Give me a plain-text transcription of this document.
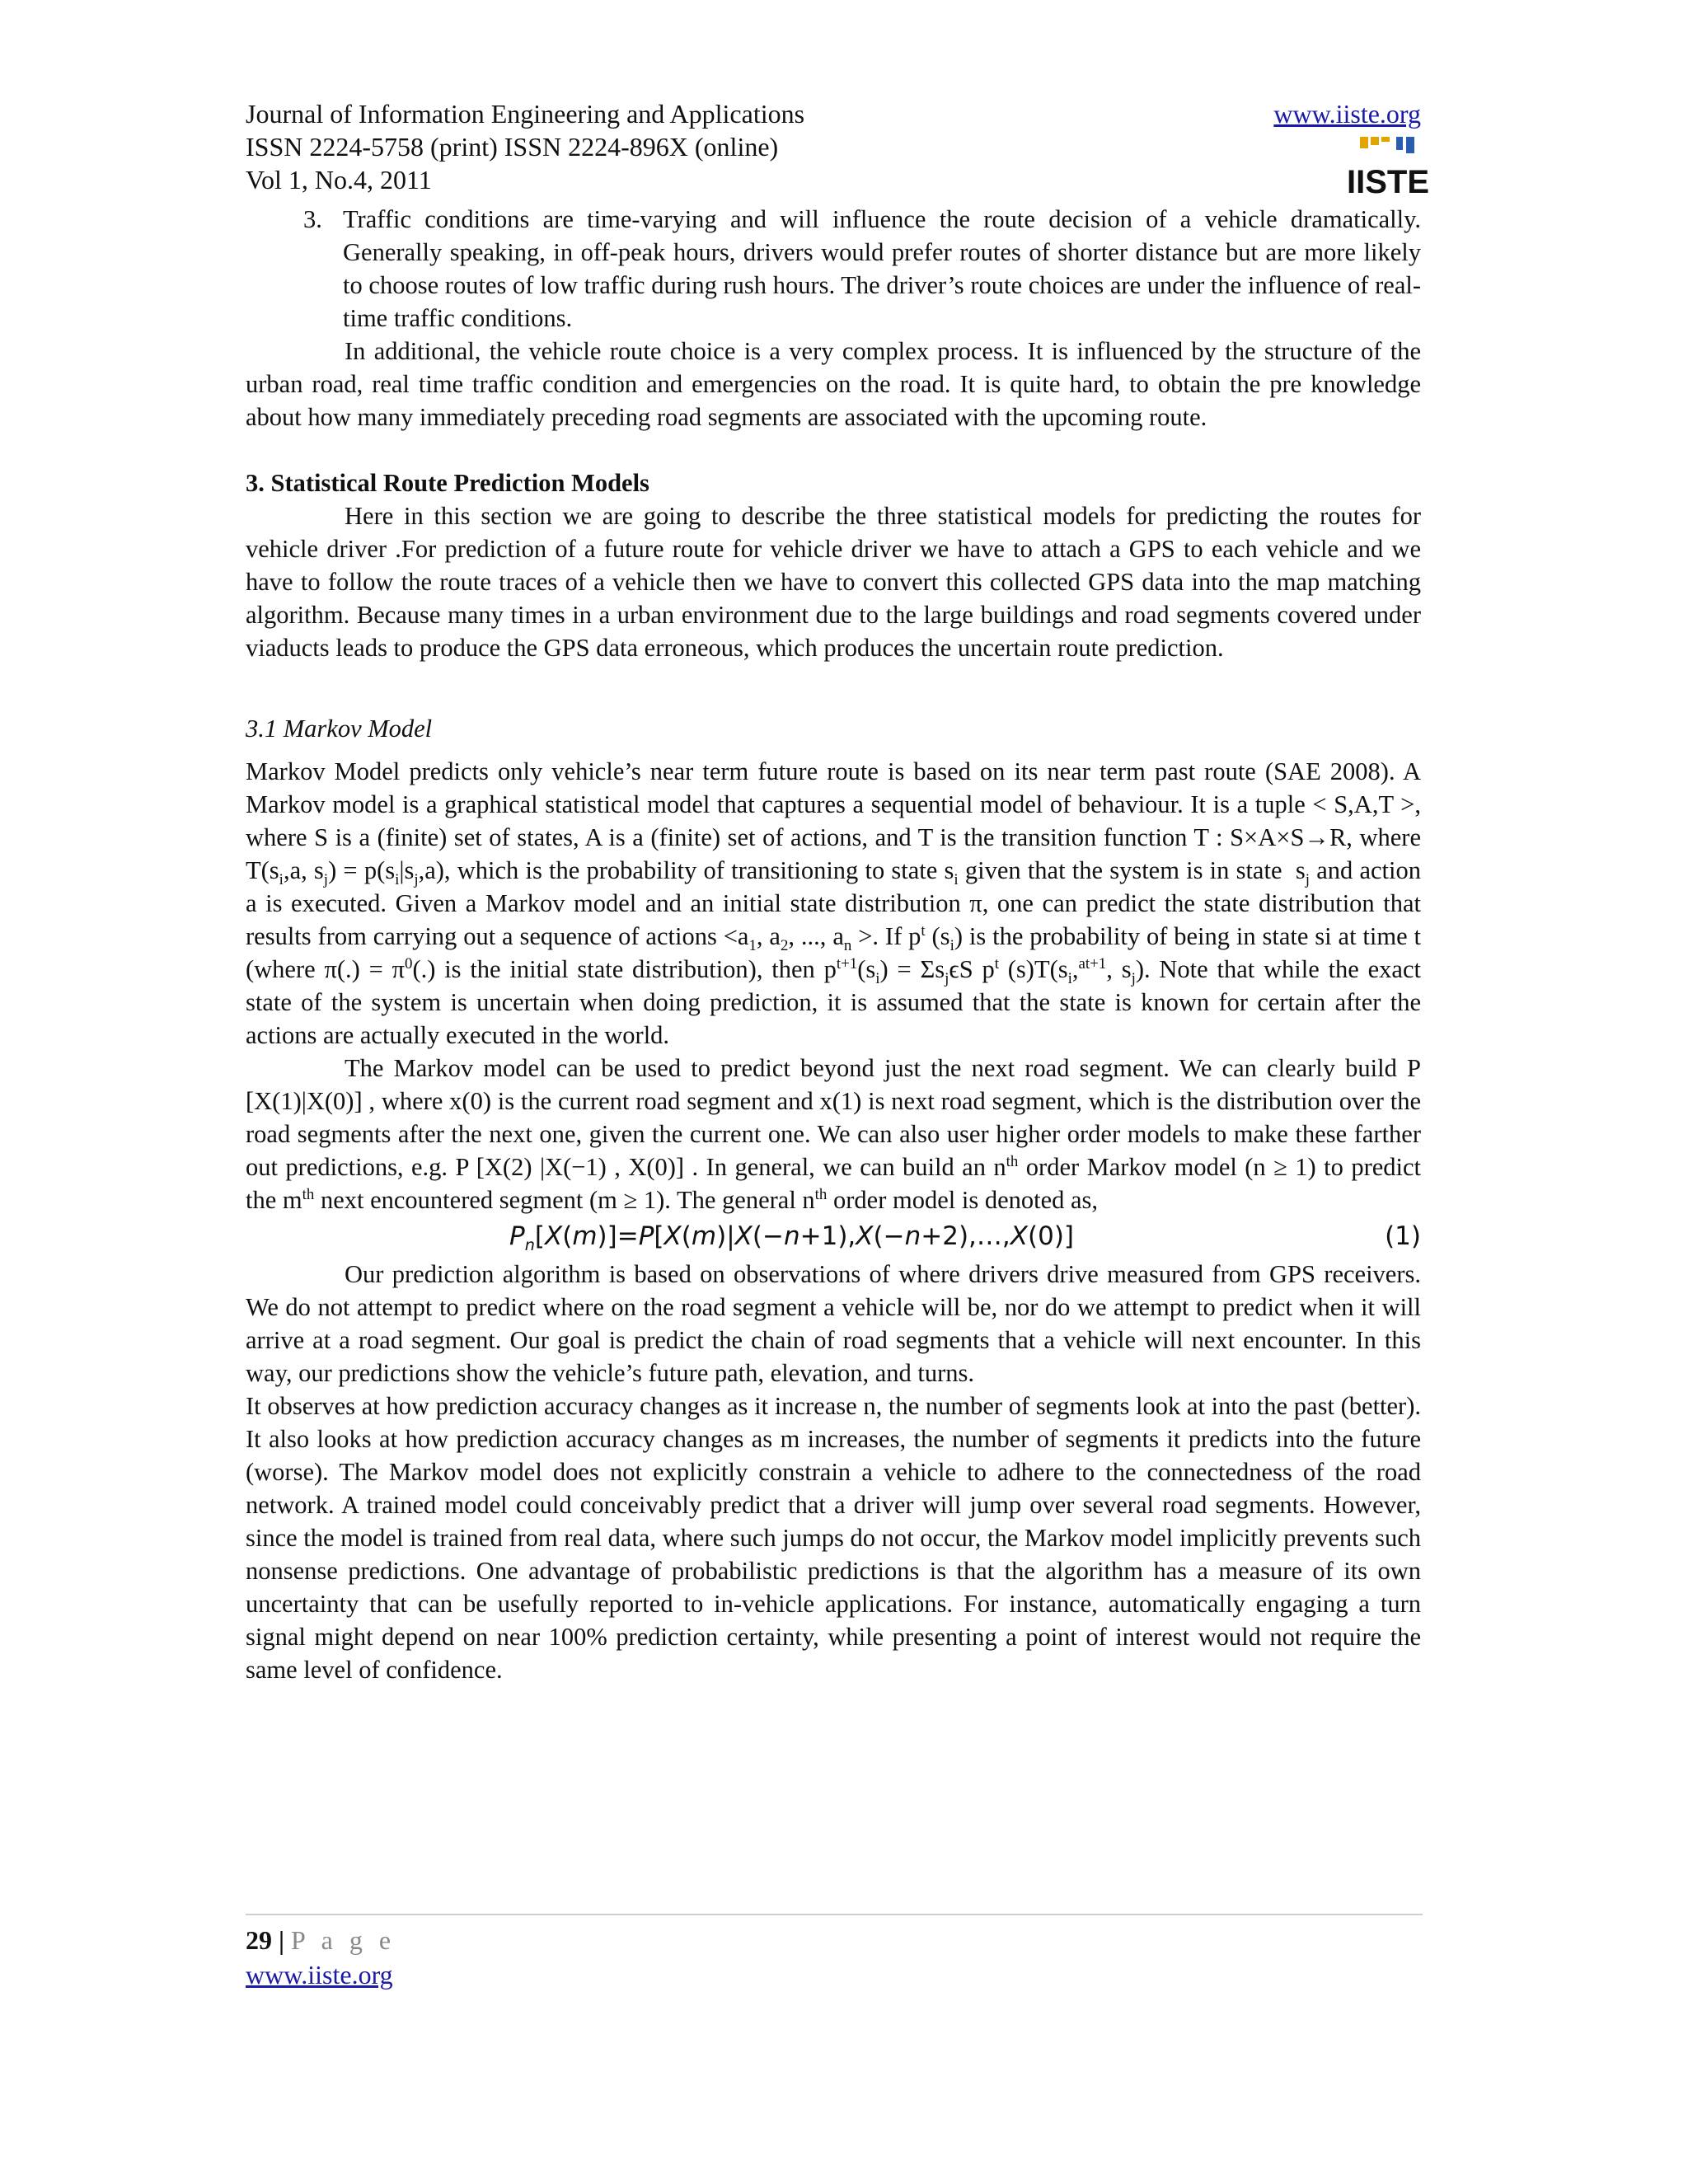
Journal of Information Engineering and Applications
ISSN 2224-5758 (print) ISSN 2224-896X (online)
Vol 1, No.4, 2011
www.iiste.org
IISTE
3. Traffic conditions are time-varying and will influence the route decision of a vehicle dramatically. Generally speaking, in off-peak hours, drivers would prefer routes of shorter distance but are more likely to choose routes of low traffic during rush hours. The driver’s route choices are under the influence of real-time traffic conditions.

In additional, the vehicle route choice is a very complex process. It is influenced by the structure of the urban road, real time traffic condition and emergencies on the road. It is quite hard, to obtain the pre knowledge about how many immediately preceding road segments are associated with the upcoming route.

3. Statistical Route Prediction Models

Here in this section we are going to describe the three statistical models for predicting the routes for vehicle driver .For prediction of a future route for vehicle driver we have to attach a GPS to each vehicle and we have to follow the route traces of a vehicle then we have to convert this collected GPS data into the map matching algorithm. Because many times in a urban environment due to the large buildings and road segments covered under viaducts leads to produce the GPS data erroneous, which produces the uncertain route prediction.

3.1 Markov Model

Markov Model predicts only vehicle’s near term future route is based on its near term past route (SAE 2008). A Markov model is a graphical statistical model that captures a sequential model of behaviour. It is a tuple < S,A,T >, where S is a (finite) set of states, A is a (finite) set of actions, and T is the transition function T : S×A×S→R, where $T(s_i,a$, $s_j) = p(s_i|s_j,a)$, which is the probability of transitioning to state $s_i$ given that the system is in state  $s_j$ and action a is executed. Given a Markov model and an initial state distribution π, one can predict the state distribution that results from carrying out a sequence of actions $<a_1$, $a_2$, ..., $a_n$ >. If $p^t$ $(s_i)$ is the probability of being in state si at time t (where $\pi(.) = \pi^0(.)$ is the initial state distribution), then $p^{t+1}(s_i) = \Sigma s_j\epsilon S$ $p^t$ $(s)T(s_i,^{at+1}$, $s_j$). Note that while the exact state of the system is uncertain when doing prediction, it is assumed that the state is known for certain after the actions are actually executed in the world.

The Markov model can be used to predict beyond just the next road segment. We can clearly build P [X(1)|X(0)] , where x(0) is the current road segment and x(1) is next road segment, which is the distribution over the road segments after the next one, given the current one. We can also user higher order models to make these farther out predictions, e.g. P [X(2) |X(−1) , X(0)] . In general, we can build an $n^{th}$ order Markov model (n ≥ 1) to predict the $m^{th}$ next encountered segment (m ≥ 1). The general $n^{th}$ order model is denoted as,

$P_n[X(m)]=P[X(m)|X(-n+1),X(-n+2),\dots,X(0)]$	(1)

Our prediction algorithm is based on observations of where drivers drive measured from GPS receivers. We do not attempt to predict where on the road segment a vehicle will be, nor do we attempt to predict when it will arrive at a road segment. Our goal is predict the chain of road segments that a vehicle will next encounter. In this way, our predictions show the vehicle’s future path, elevation, and turns.

It observes at how prediction accuracy changes as it increase n, the number of segments look at into the past (better). It also looks at how prediction accuracy changes as m increases, the number of segments it predicts into the future (worse). The Markov model does not explicitly constrain a vehicle to adhere to the connectedness of the road network. A trained model could conceivably predict that a driver will jump over several road segments. However, since the model is trained from real data, where such jumps do not occur, the Markov model implicitly prevents such nonsense predictions. One advantage of probabilistic predictions is that the algorithm has a measure of its own uncertainty that can be usefully reported to in-vehicle applications. For instance, automatically engaging a turn signal might depend on near 100% prediction certainty, while presenting a point of interest would not require the same level of confidence.

29 | P a g e
www.iiste.org
